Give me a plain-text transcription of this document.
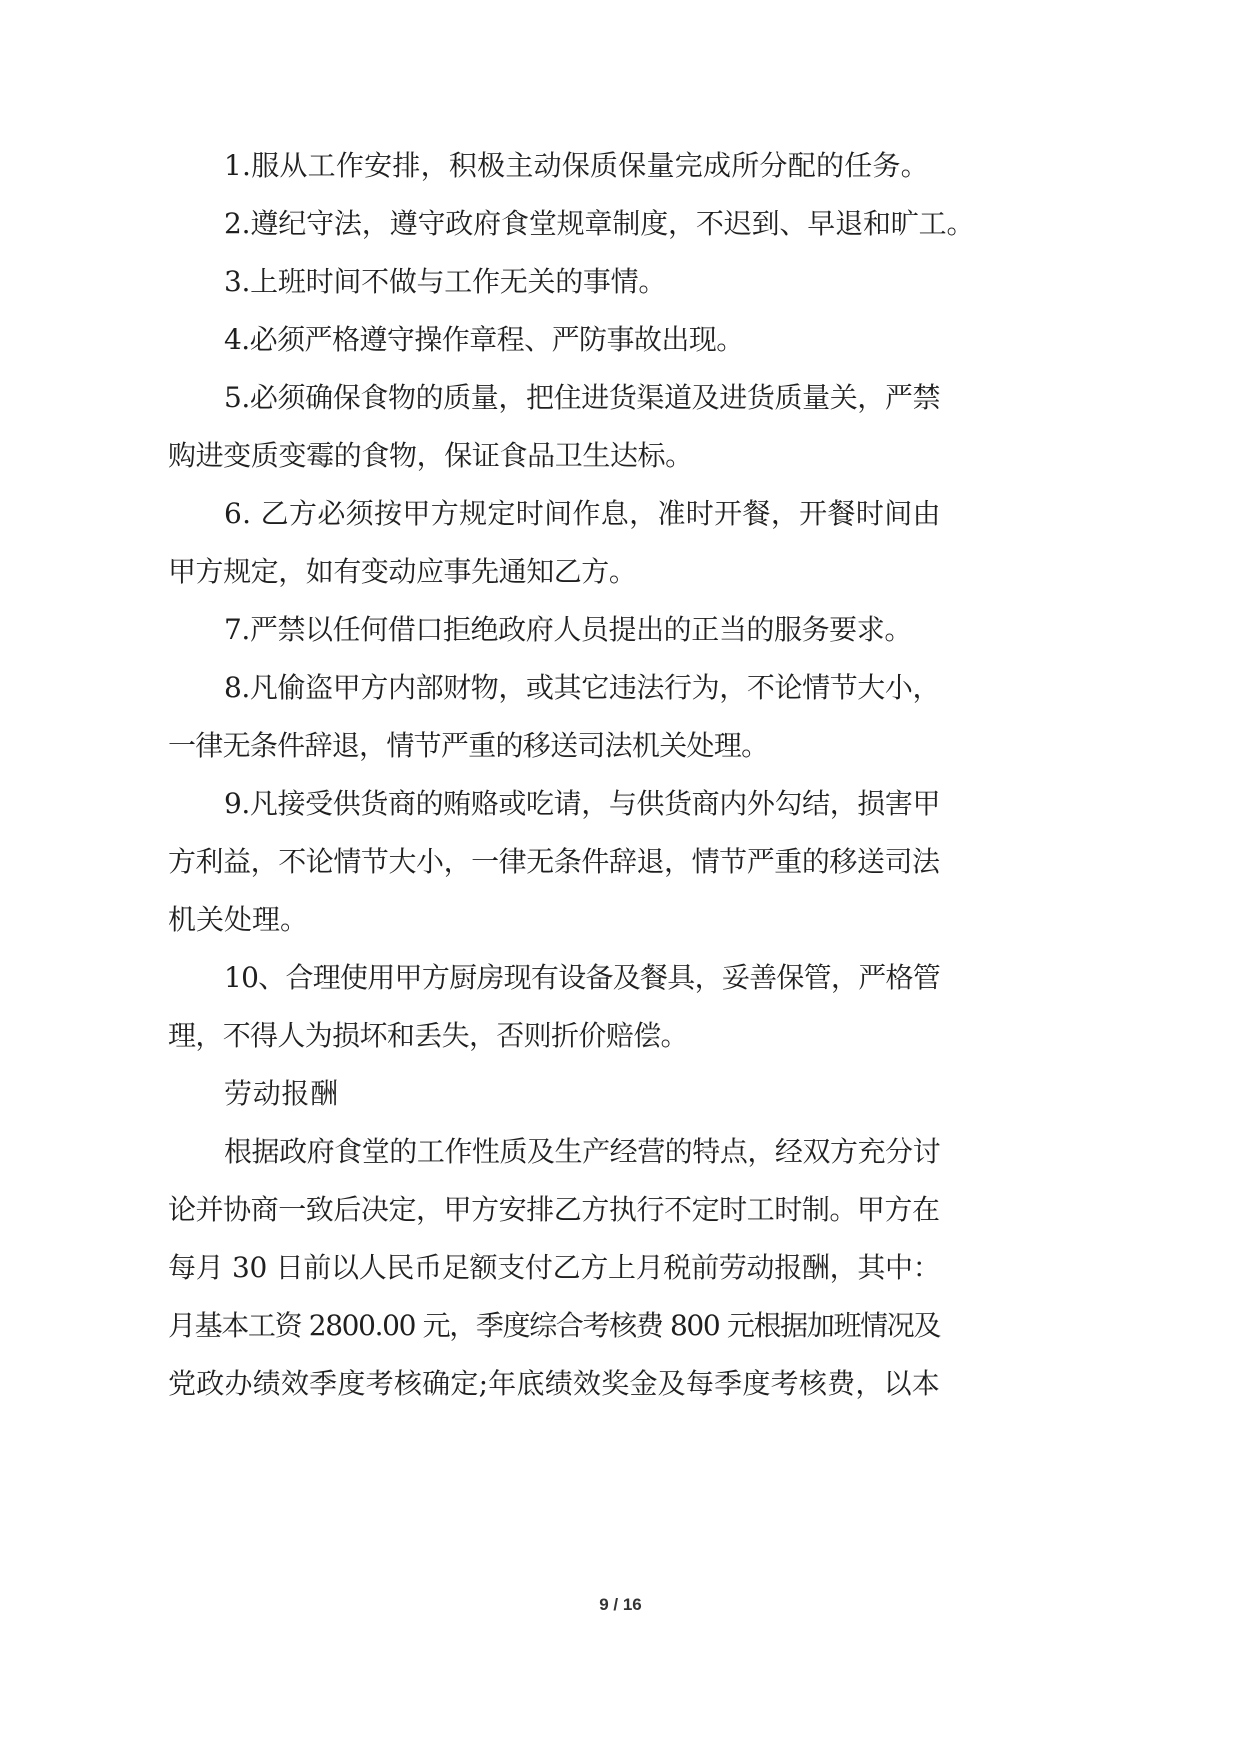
1.服从工作安排，积极主动保质保量完成所分配的任务。
2.遵纪守法，遵守政府食堂规章制度，不迟到、早退和旷工。
3.上班时间不做与工作无关的事情。
4.必须严格遵守操作章程、严防事故出现。
5.必须确保食物的质量，把住进货渠道及进货质量关，严禁
购进变质变霉的食物，保证食品卫生达标。
6. 乙方必须按甲方规定时间作息，准时开餐，开餐时间由
甲方规定，如有变动应事先通知乙方。
7.严禁以任何借口拒绝政府人员提出的正当的服务要求。
8.凡偷盗甲方内部财物，或其它违法行为，不论情节大小，
一律无条件辞退，情节严重的移送司法机关处理。
9.凡接受供货商的贿赂或吃请，与供货商内外勾结，损害甲
方利益，不论情节大小，一律无条件辞退，情节严重的移送司法
机关处理。
10、合理使用甲方厨房现有设备及餐具，妥善保管，严格管
理，不得人为损坏和丢失，否则折价赔偿。
劳动报酬
根据政府食堂的工作性质及生产经营的特点，经双方充分讨
论并协商一致后决定，甲方安排乙方执行不定时工时制。甲方在
每月 30 日前以人民币足额支付乙方上月税前劳动报酬，其中：
月基本工资 2800.00 元，季度综合考核费 800 元根据加班情况及
党政办绩效季度考核确定;年底绩效奖金及每季度考核费，以本
9 / 16
